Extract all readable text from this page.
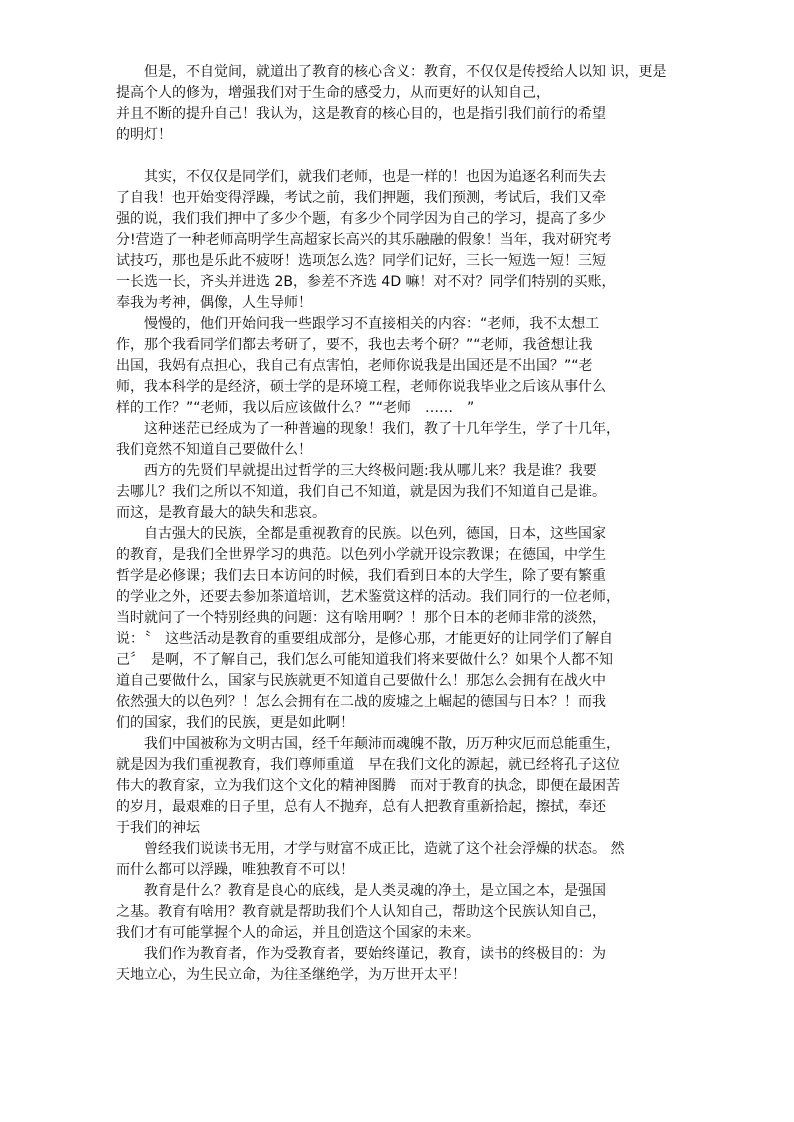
　　但是，不自觉间，就道出了教育的核心含义：教育，不仅仅是传授给人以知 识，更是
提高个人的修为，增强我们对于生命的感受力，从而更好的认知自己，
并且不断的提升自己！我认为，这是教育的核心目的，也是指引我们前行的希望
的明灯！
　　其实，不仅仅是同学们，就我们老师，也是一样的！也因为追逐名利而失去
了自我！也开始变得浮躁，考试之前，我们押题，我们预测，考试后，我们又牵
强的说，我们我们押中了多少个题，有多少个同学因为自己的学习，提高了多少
分!营造了一种老师高明学生高超家长高兴的其乐融融的假象！当年，我对研究考
试技巧，那也是乐此不疲呀！选项怎么选？同学们记好，三长一短选一短！三短
一长选一长，齐头并进选 2B，参差不齐选 4D 嘛！对不对？同学们特别的买账，
奉我为考神，偶像，人生导师！
　　慢慢的，他们开始问我一些跟学习不直接相关的内容：“老师，我不太想工
作，那个我看同学们都去考研了，要不，我也去考个研？”“老师，我爸想让我
出国，我妈有点担心，我自己有点害怕，老师你说我是出国还是不出国？”“老
师，我本科学的是经济，硕士学的是环境工程，老师你说我毕业之后该从事什么
样的工作？”“老师，我以后应该做什么？”“老师　……　”
　　这种迷茫已经成为了一种普遍的现象！我们，教了十几年学生，学了十几年，
我们竟然不知道自己要做什么！
　　西方的先贤们早就提出过哲学的三大终极问题:我从哪儿来？我是谁？我要
去哪儿？我们之所以不知道，我们自己不知道，就是因为我们不知道自己是谁。
而这，是教育最大的缺失和悲哀。
　　自古强大的民族，全都是重视教育的民族。以色列，德国，日本，这些国家
的教育，是我们全世界学习的典范。以色列小学就开设宗教课；在德国，中学生
哲学是必修课；我们去日本访问的时候，我们看到日本的大学生，除了要有繁重
的学业之外，还要去参加茶道培训，艺术鉴赏这样的活动。我们同行的一位老师，
当时就问了一个特别经典的问题：这有啥用啊？！那个日本的老师非常的淡然，
说：〝　这些活动是教育的重要组成部分，是修心那，才能更好的让同学们了解自
己〞　是啊，不了解自己，我们怎么可能知道我们将来要做什么？如果个人都不知
道自己要做什么，国家与民族就更不知道自己要做什么！那怎么会拥有在战火中
依然强大的以色列？！怎么会拥有在二战的废墟之上崛起的德国与日本？！而我
们的国家，我们的民族，更是如此啊！
　　我们中国被称为文明古国，经千年颠沛而魂魄不散，历万种灾厄而总能重生，
就是因为我们重视教育，我们尊师重道　早在我们文化的源起，就已经将孔子这位
伟大的教育家，立为我们这个文化的精神图腾　而对于教育的执念，即便在最困苦
的岁月，最艰难的日子里，总有人不抛弃，总有人把教育重新拾起，擦拭，奉还
于我们的神坛
　　曾经我们说读书无用，才学与财富不成正比，造就了这个社会浮燥的状态。 然
而什么都可以浮躁，唯独教育不可以！
　　教育是什么？教育是良心的底线，是人类灵魂的净土，是立国之本，是强国
之基。教育有啥用？教育就是帮助我们个人认知自己，帮助这个民族认知自己，
我们才有可能掌握个人的命运，并且创造这个国家的未来。
　　我们作为教育者，作为受教育者，要始终谨记，教育，读书的终极目的：为
天地立心，为生民立命，为往圣继绝学，为万世开太平！
